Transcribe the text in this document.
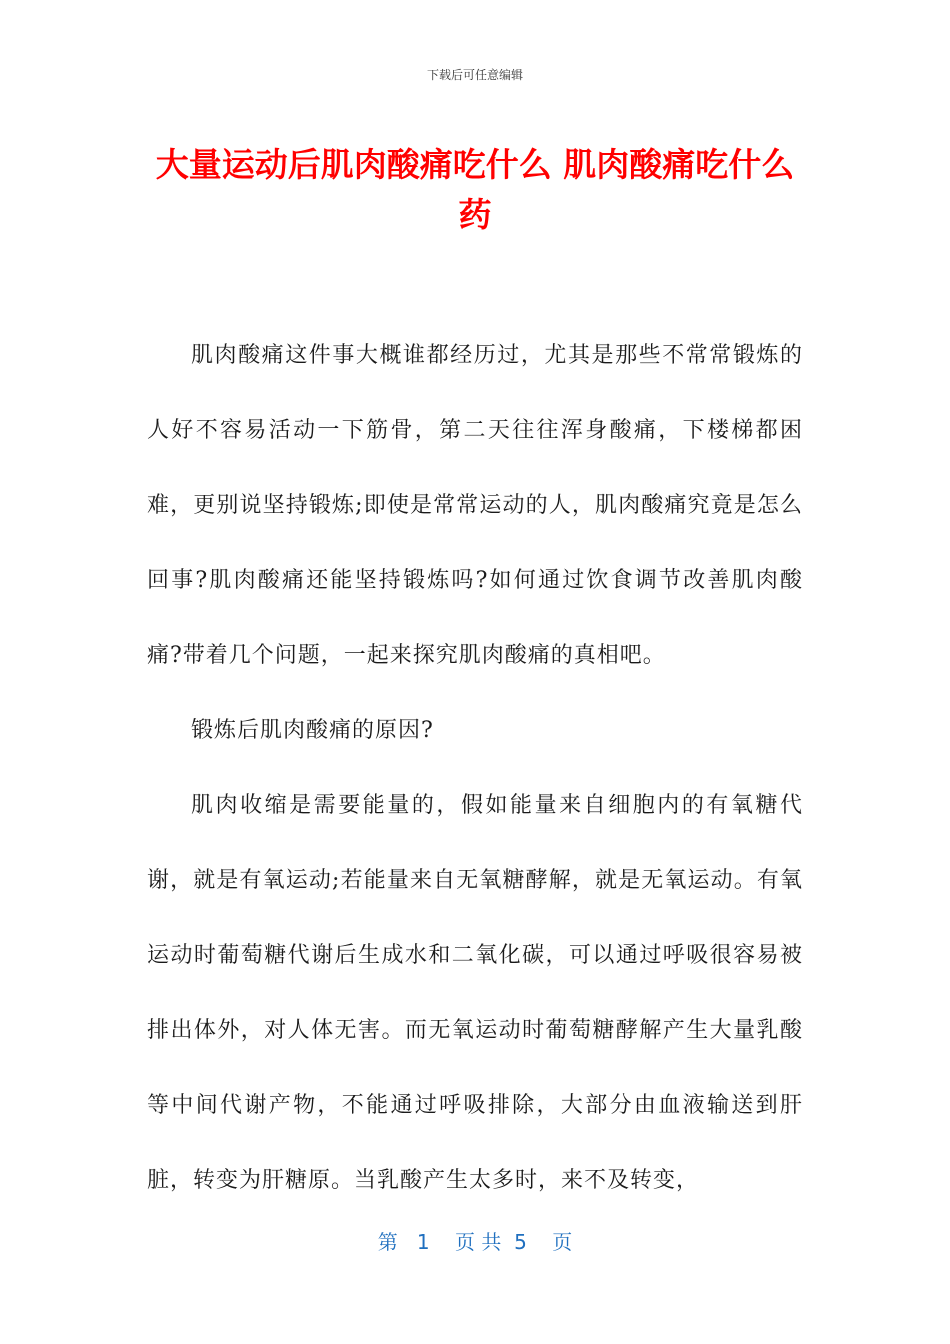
下载后可任意编辑
大量运动后肌肉酸痛吃什么 肌肉酸痛吃什么药

肌肉酸痛这件事大概谁都经历过，尤其是那些不常常锻炼的人好不容易活动一下筋骨，第二天往往浑身酸痛，下楼梯都困难，更别说坚持锻炼;即使是常常运动的人，肌肉酸痛究竟是怎么回事?肌肉酸痛还能坚持锻炼吗?如何通过饮食调节改善肌肉酸痛?带着几个问题，一起来探究肌肉酸痛的真相吧。

锻炼后肌肉酸痛的原因?

肌肉收缩是需要能量的，假如能量来自细胞内的有氧糖代谢，就是有氧运动;若能量来自无氧糖酵解，就是无氧运动。有氧运动时葡萄糖代谢后生成水和二氧化碳，可以通过呼吸很容易被排出体外，对人体无害。而无氧运动时葡萄糖酵解产生大量乳酸等中间代谢产物，不能通过呼吸排除，大部分由血液输送到肝脏，转变为肝糖原。当乳酸产生太多时，来不及转变，

第   1    页 共  5    页
